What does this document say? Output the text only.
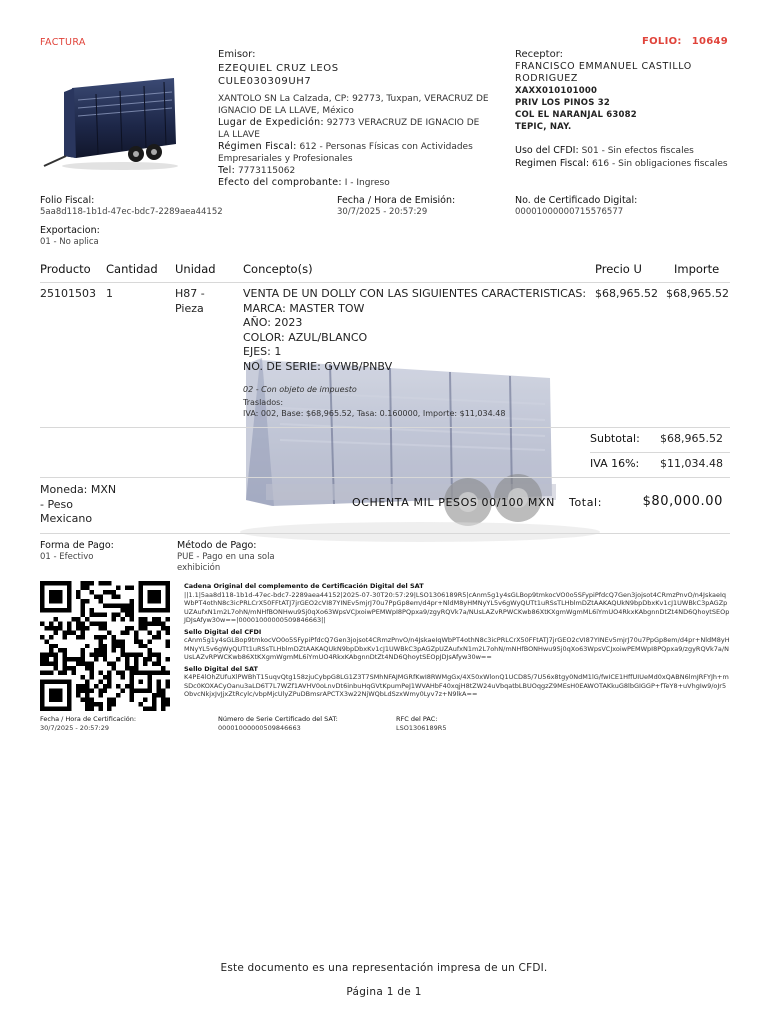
FACTURA	FOLIO: 10649
Emisor:
EZEQUIEL CRUZ LEOS
CULE030309UH7
XANTOLO SN La Calzada, CP: 92773, Tuxpan, VERACRUZ DE IGNACIO DE LA LLAVE, México
Lugar de Expedición: 92773 VERACRUZ DE IGNACIO DE LA LLAVE
Régimen Fiscal: 612 - Personas Físicas con Actividades Empresariales y Profesionales
Tel: 7773115062
Efecto del comprobante: I - Ingreso
Receptor:
FRANCISCO EMMANUEL CASTILLO RODRIGUEZ
XAXX010101000
PRIV LOS PINOS 32
COL EL NARANJAL 63082
TEPIC, NAY.
Uso del CFDI: S01 - Sin efectos fiscales
Regimen Fiscal: 616 - Sin obligaciones fiscales
Folio Fiscal:
5aa8d118-1b1d-47ec-bdc7-2289aea44152
Fecha / Hora de Emisión:
30/7/2025 - 20:57:29
No. de Certificado Digital:
00001000000715576577
Exportacion:
01 - No aplica
Producto Cantidad Unidad Concepto(s)	Precio U	Importe
25101503 1	H87 -
Pieza
VENTA DE UN DOLLY CON LAS SIGUIENTES CARACTERISTICAS:
MARCA: MASTER TOW
AÑO: 2023
COLOR: AZUL/BLANCO
EJES: 1
NO. DE SERIE: GVWB/PNBV
02 - Con objeto de impuesto
Traslados:
IVA: 002, Base: $68,965.52, Tasa: 0.160000, Importe: $11,034.48
$68,965.52 $68,965.52
Subtotal: $68,965.52
IVA 16%: $11,034.48
Moneda: MXN
- Peso
Mexicano
OCHENTA MIL PESOS 00/100 MXN Total:	$80,000.00
Forma de Pago:
01 - Efectivo
Método de Pago:
PUE - Pago en una sola
exhibición
Cadena Original del complemento de Certificación Digital del SAT
||1.1|5aa8d118-1b1d-47ec-bdc7-2289aea44152|2025-07-30T20:57:29|LSO1306189R5|cAnm5g1y4sGLBop9tmkocVO0o5SFypiPfdcQ7Gen3jojsot4CRmzPnvO/n4JskaeIqWbPT4othN8c3icPRLCrX50FFtATJ7jrGEO2cVI87YINEv5mjrJ70u7PpGp8em/d4pr+NldM8yHMNyYL5v6gWyQUTt1uRSsTLHblmDZtAAKAQUkN9bpDbxKv1cJ1UWBkC3pAGZpUZAufxN1m2L7ohN/mNHfBONHwu9Sj0qXo63WpsVCJxoiwPEMWpI8PQpxa9/zgyRQVk7a/NUsLAZvRPWCKwb86XtKXgmWgmML6iYmUO4RkxKAbgnnDtZt4ND6QhoytSEOpJDJsAfyw30w==|00001000000509846663||
Sello Digital del CFDI
cAnm5g1y4sGLBop9tmkocVO0o5SFypiPfdcQ7Gen3jojsot4CRmzPnvO/n4JskaeIqWbPT4othN8c3icPRLCrX50FFtATJ7jrGEO2cVI87YINEv5mjrJ70u7PpGp8em/d4pr+NldM8yHMNyYL5v6gWyQUTt1uRSsTLHblmDZtAAKAQUkN9bpDbxKv1cJ1UWBkC3pAGZpUZAufxN1m2L7ohN/mNHfBONHwu9Sj0qXo63WpsVCJxoiwPEMWpI8PQpxa9/zgyRQVk7a/NUsLAZvRPWCKwb86XtKXgmWgmML6iYmUO4RkxKAbgnnDtZt4ND6QhoytSEOpJDJsAfyw30w==
Sello Digital del SAT
K4PE4lOhZUfuXlPWBhT15uqvQtg158zjuCybpG8LG1Z3T7SMhNFAJMGRfKwI8RWMgGx/4X50xWlonQ1UCD85/7U56x8tgy0NdM1lG/fwICE1HffUIUeMd0xQABN6lmJRFYJh+mSDc0KOXACyOanu3aLD6T7L7WZf1AVHV0oLnvDt6inbuHqGVtKpumPeJ1WVAHbF40xqjH8tZW24uVbqatbLBUOqgzZ9MEsH0EAWOTAKkuG8lbGIGGP+fTeY8+uVhgIw9/oJr5ObvcNkjxJvJjxZtRcylc/vbpMjcUlyZPuDBmsrAPCTX3w22NjWQbLdSzxWmy0Lyv7z+N9lkA==
Fecha / Hora de Certificación:
30/7/2025 - 20:57:29
Número de Serie Certificado del SAT:
00001000000509846663
RFC del PAC:
LSO1306189R5
Este documento es una representación impresa de un CFDI.
Página 1 de 1
